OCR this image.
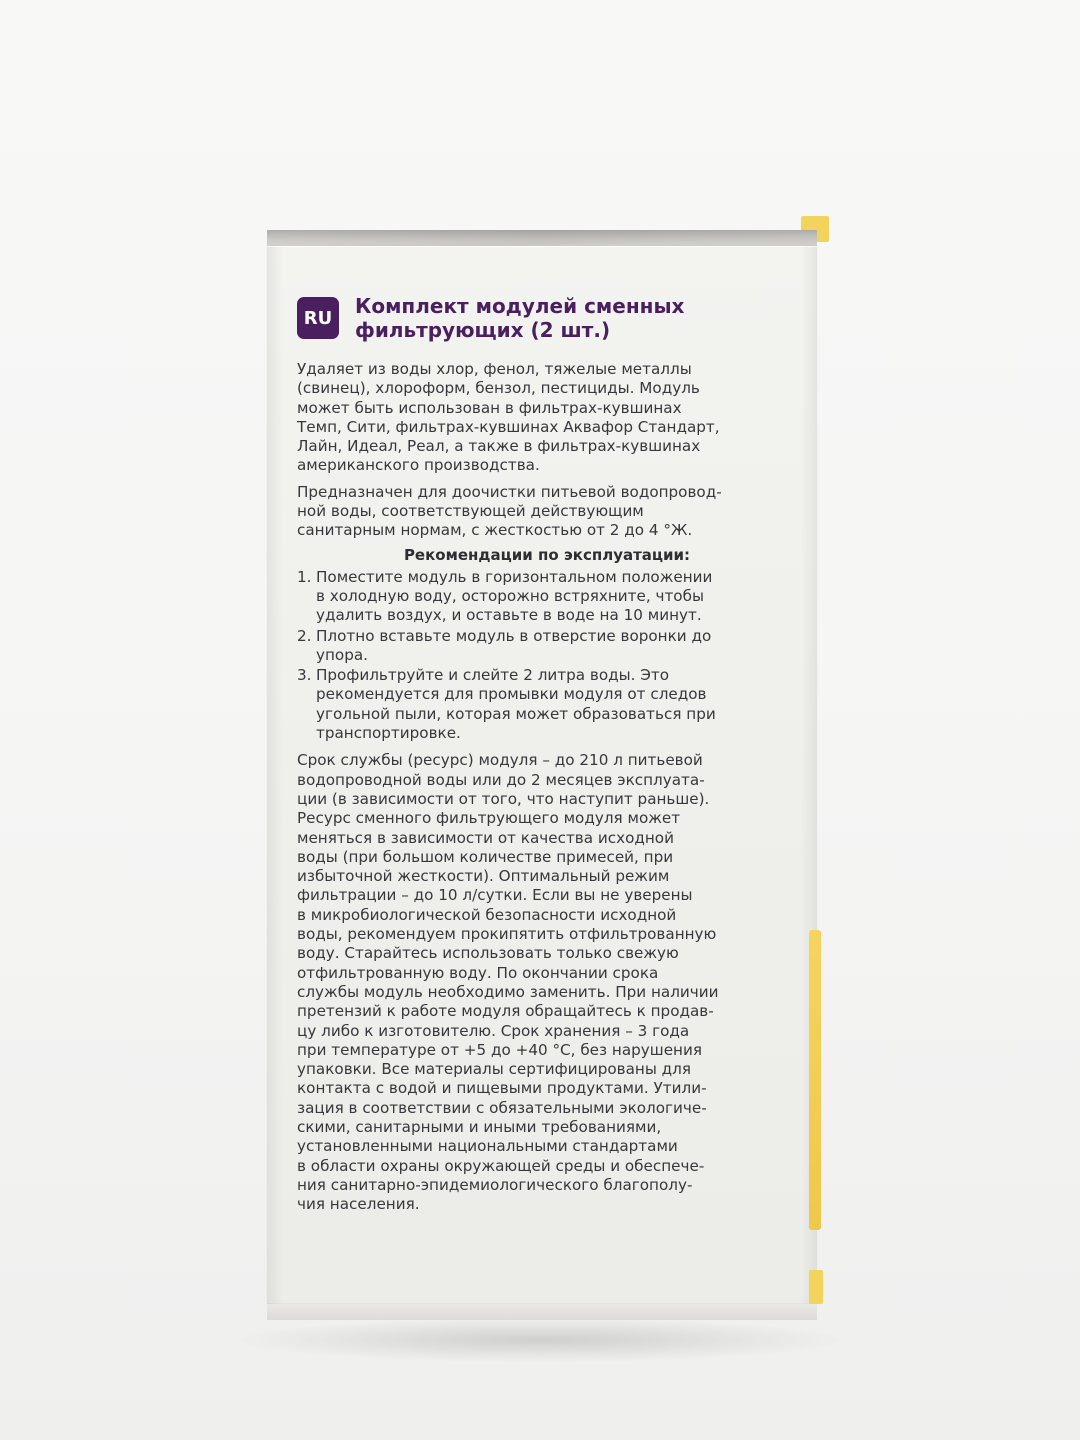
RU	Комплект модулей сменных
фильтрующих (2 шт.)
Удаляет из воды хлор, фенол, тяжелые металлы
(свинец), хлороформ, бензол, пестициды. Модуль
может быть использован в фильтрах-кувшинах
Темп, Сити, фильтрах-кувшинах Аквафор Стандарт,
Лайн, Идеал, Реал, а также в фильтрах-кувшинах
американского производства.
Предназначен для доочистки питьевой водопровод-
ной воды, соответствующей действующим
санитарным нормам, с жесткостью от 2 до 4 °Ж.
Рекомендации по эксплуатации:
1. Поместите модуль в горизонтальном положении
в холодную воду, осторожно встряхните, чтобы
удалить воздух, и оставьте в воде на 10 минут.
2. Плотно вставьте модуль в отверстие воронки до
упора.
3. Профильтруйте и слейте 2 литра воды. Это
рекомендуется для промывки модуля от следов
угольной пыли, которая может образоваться при
транспортировке.
Срок службы (ресурс) модуля – до 210 л питьевой
водопроводной воды или до 2 месяцев эксплуата-
ции (в зависимости от того, что наступит раньше).
Ресурс сменного фильтрующего модуля может
меняться в зависимости от качества исходной
воды (при большом количестве примесей, при
избыточной жесткости). Оптимальный режим
фильтрации – до 10 л/сутки. Если вы не уверены
в микробиологической безопасности исходной
воды, рекомендуем прокипятить отфильтрованную
воду. Старайтесь использовать только свежую
отфильтрованную воду. По окончании срока
службы модуль необходимо заменить. При наличии
претензий к работе модуля обращайтесь к продав-
цу либо к изготовителю. Срок хранения – 3 года
при температуре от +5 до +40 °С, без нарушения
упаковки. Все материалы сертифицированы для
контакта с водой и пищевыми продуктами. Утили-
зация в соответствии с обязательными экологиче-
скими, санитарными и иными требованиями,
установленными национальными стандартами
в области охраны окружающей среды и обеспече-
ния санитарно-эпидемиологического благополу-
чия населения.
